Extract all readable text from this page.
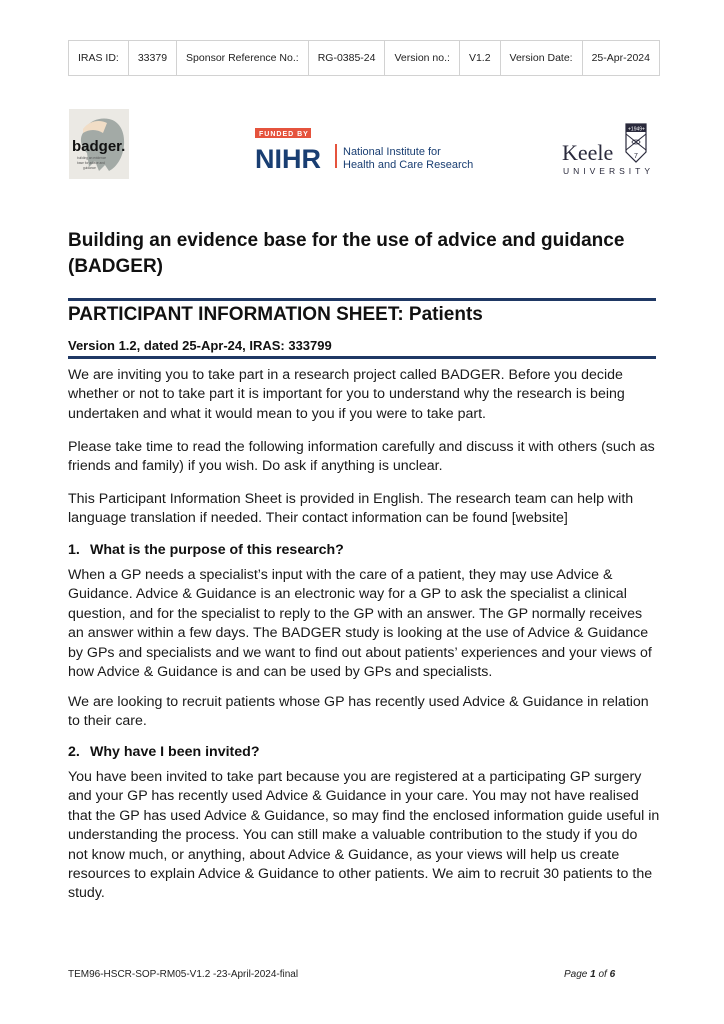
IRAS ID:	33379	Sponsor Reference No.:	RG-0385-24	Version no.:	V1.2	Version Date:	25-Apr-2024
badger.
building an evidence
base for advice and
guidance
FUNDED BY
NIHR National Institute for
Health and Care Research	Keele
UNIVERSITY
+1949+
7
Building an evidence base for the use of advice and guidance (BADGER)
PARTICIPANT INFORMATION SHEET: Patients
Version 1.2, dated 25-Apr-24, IRAS: 333799

We are inviting you to take part in a research project called BADGER. Before you decide whether or not to take part it is important for you to understand why the research is being undertaken and what it would mean to you if you were to take part.

Please take time to read the following information carefully and discuss it with others (such as friends and family) if you wish. Do ask if anything is unclear.

This Participant Information Sheet is provided in English. The research team can help with language translation if needed. Their contact information can be found [website]

1. What is the purpose of this research?

When a GP needs a specialist’s input with the care of a patient, they may use Advice & Guidance. Advice & Guidance is an electronic way for a GP to ask the specialist a clinical question, and for the specialist to reply to the GP with an answer. The GP normally receives an answer within a few days. The BADGER study is looking at the use of Advice & Guidance by GPs and specialists and we want to find out about patients’ experiences and your views of how Advice & Guidance is and can be used by GPs and specialists.

We are looking to recruit patients whose GP has recently used Advice & Guidance in relation to their care.

2. Why have I been invited?

You have been invited to take part because you are registered at a participating GP surgery and your GP has recently used Advice & Guidance in your care. You may not have realised that the GP has used Advice & Guidance, so may find the enclosed information guide useful in understanding the process. You can still make a valuable contribution to the study if you do not know much, or anything, about Advice & Guidance, as your views will help us create resources to explain Advice & Guidance to other patients. We aim to recruit 30 patients to the study.

TEM96-HSCR-SOP-RM05-V1.2 -23-April-2024-final	Page 1 of 6
